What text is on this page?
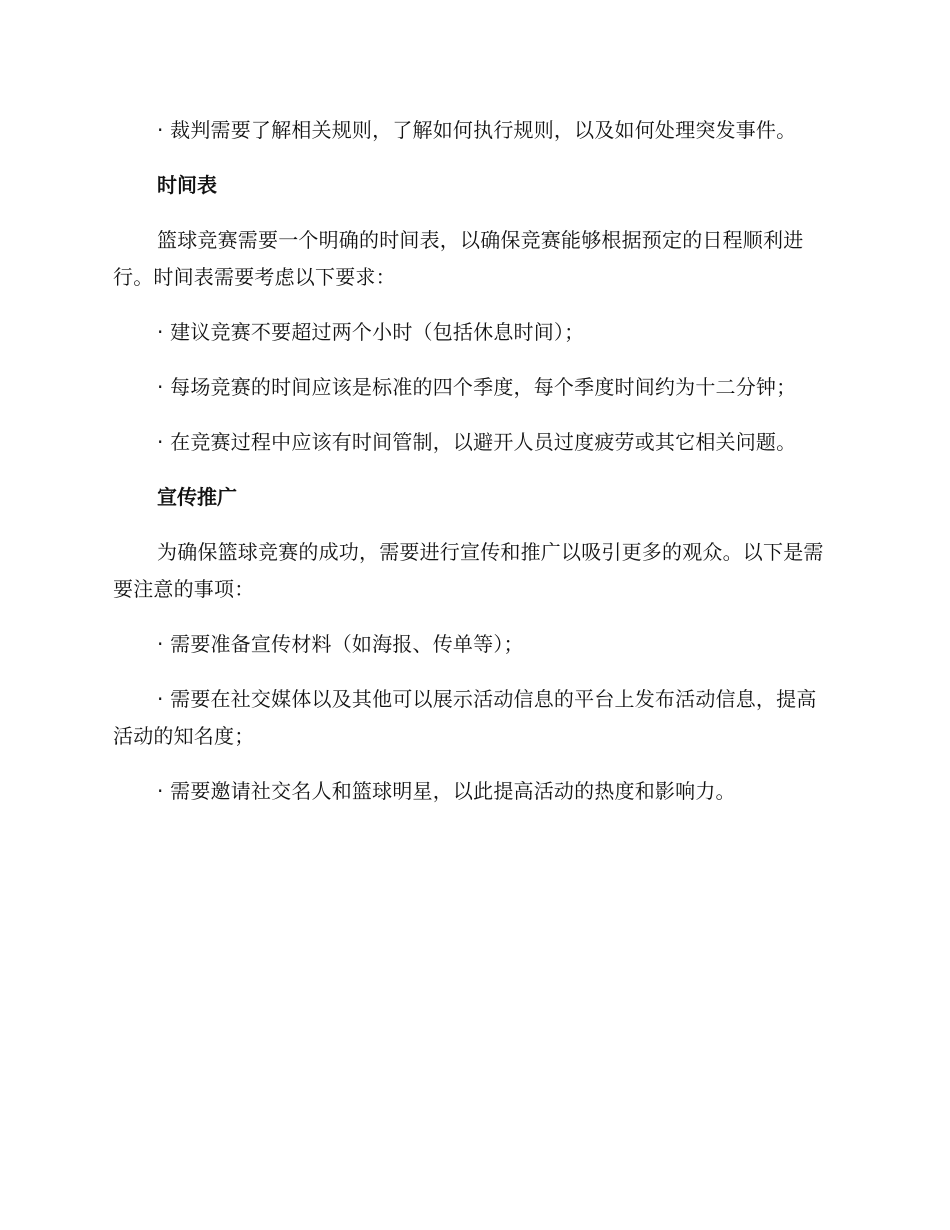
· 裁判需要了解相关规则，了解如何执行规则，以及如何处理突发事件。

时间表

篮球竞赛需要一个明确的时间表，以确保竞赛能够根据预定的日程顺利进行。时间表需要考虑以下要求：

· 建议竞赛不要超过两个小时（包括休息时间）；

· 每场竞赛的时间应该是标准的四个季度，每个季度时间约为十二分钟；

· 在竞赛过程中应该有时间管制，以避开人员过度疲劳或其它相关问题。

宣传推广

为确保篮球竞赛的成功，需要进行宣传和推广以吸引更多的观众。以下是需要注意的事项：

· 需要准备宣传材料（如海报、传单等）；

· 需要在社交媒体以及其他可以展示活动信息的平台上发布活动信息，提高活动的知名度；

· 需要邀请社交名人和篮球明星，以此提高活动的热度和影响力。
